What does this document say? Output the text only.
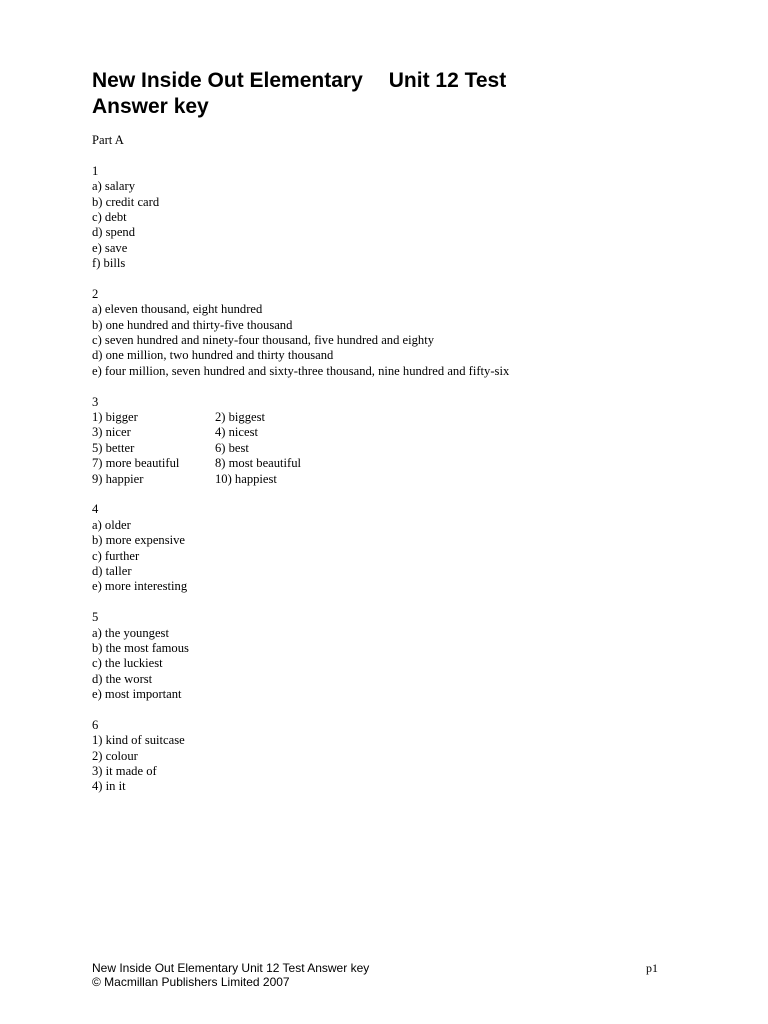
New Inside Out Elementary Unit 12 Test
Answer key
Part A
1
a) salary
b) credit card
c) debt
d) spend
e) save
f) bills
2
a) eleven thousand, eight hundred
b) one hundred and thirty-five thousand
c) seven hundred and ninety-four thousand, five hundred and eighty
d) one million, two hundred and thirty thousand
e) four million, seven hundred and sixty-three thousand, nine hundred and fifty-six
3
1) bigger	2) biggest
3) nicer	4) nicest
5) better	6) best
7) more beautiful	8) most beautiful
9) happier	10) happiest
4
a) older
b) more expensive
c) further
d) taller
e) more interesting
5
a) the youngest
b) the most famous
c) the luckiest
d) the worst
e) most important
6
1) kind of suitcase
2) colour
3) it made of
4) in it
New Inside Out Elementary Unit 12 Test Answer key	p1
© Macmillan Publishers Limited 2007
